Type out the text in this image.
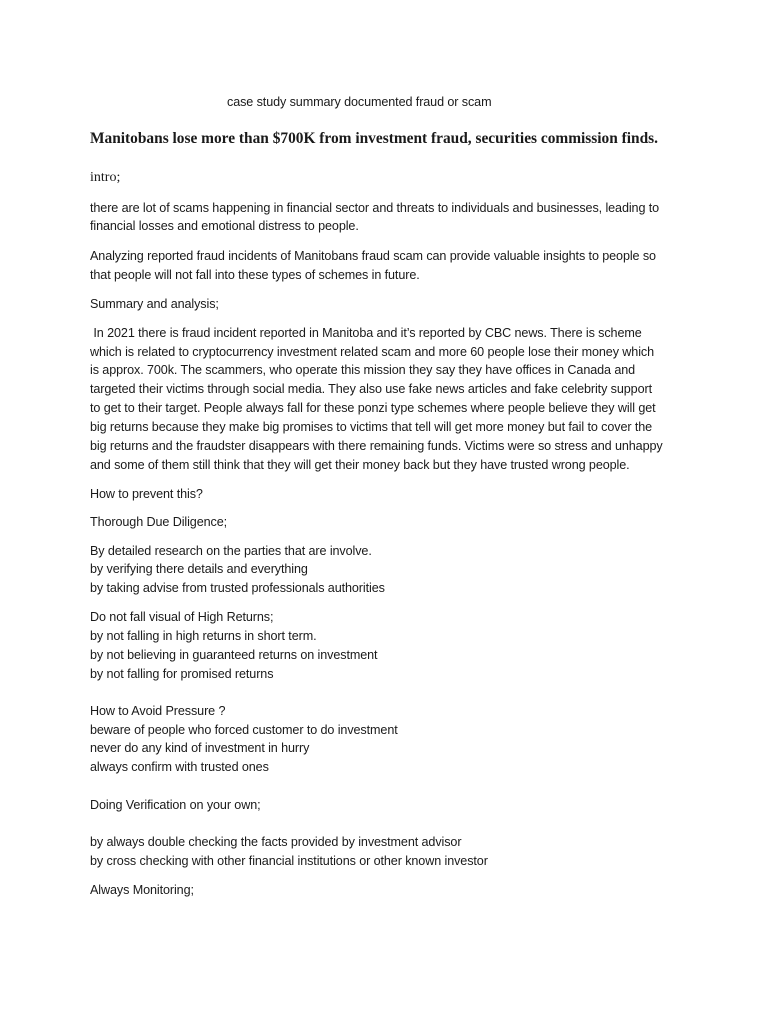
case study summary documented fraud or scam
Manitobans lose more than $700K from investment fraud, securities commission finds.
intro;
there are lot of scams happening in financial sector and threats to individuals and businesses, leading to
financial losses and emotional distress to people.
Analyzing reported fraud incidents of Manitobans fraud scam can provide valuable insights to people so
that people will not fall into these types of schemes in future.
Summary and analysis;
In 2021 there is fraud incident reported in Manitoba and it’s reported by CBC news. There is scheme
which is related to cryptocurrency investment related scam and more 60 people lose their money which
is approx. 700k. The scammers, who operate this mission they say they have offices in Canada and
targeted their victims through social media. They also use fake news articles and fake celebrity support
to get to their target. People always fall for these ponzi type schemes where people believe they will get
big returns because they make big promises to victims that tell will get more money but fail to cover the
big returns and the fraudster disappears with there remaining funds. Victims were so stress and unhappy
and some of them still think that they will get their money back but they have trusted wrong people.
How to prevent this?
Thorough Due Diligence;
By detailed research on the parties that are involve.
by verifying there details and everything
by taking advise from trusted professionals authorities
Do not fall visual of High Returns;
by not falling in high returns in short term.
by not believing in guaranteed returns on investment
by not falling for promised returns
How to Avoid Pressure ?
beware of people who forced customer to do investment
never do any kind of investment in hurry
always confirm with trusted ones
Doing Verification on your own;
by always double checking the facts provided by investment advisor
by cross checking with other financial institutions or other known investor
Always Monitoring;
